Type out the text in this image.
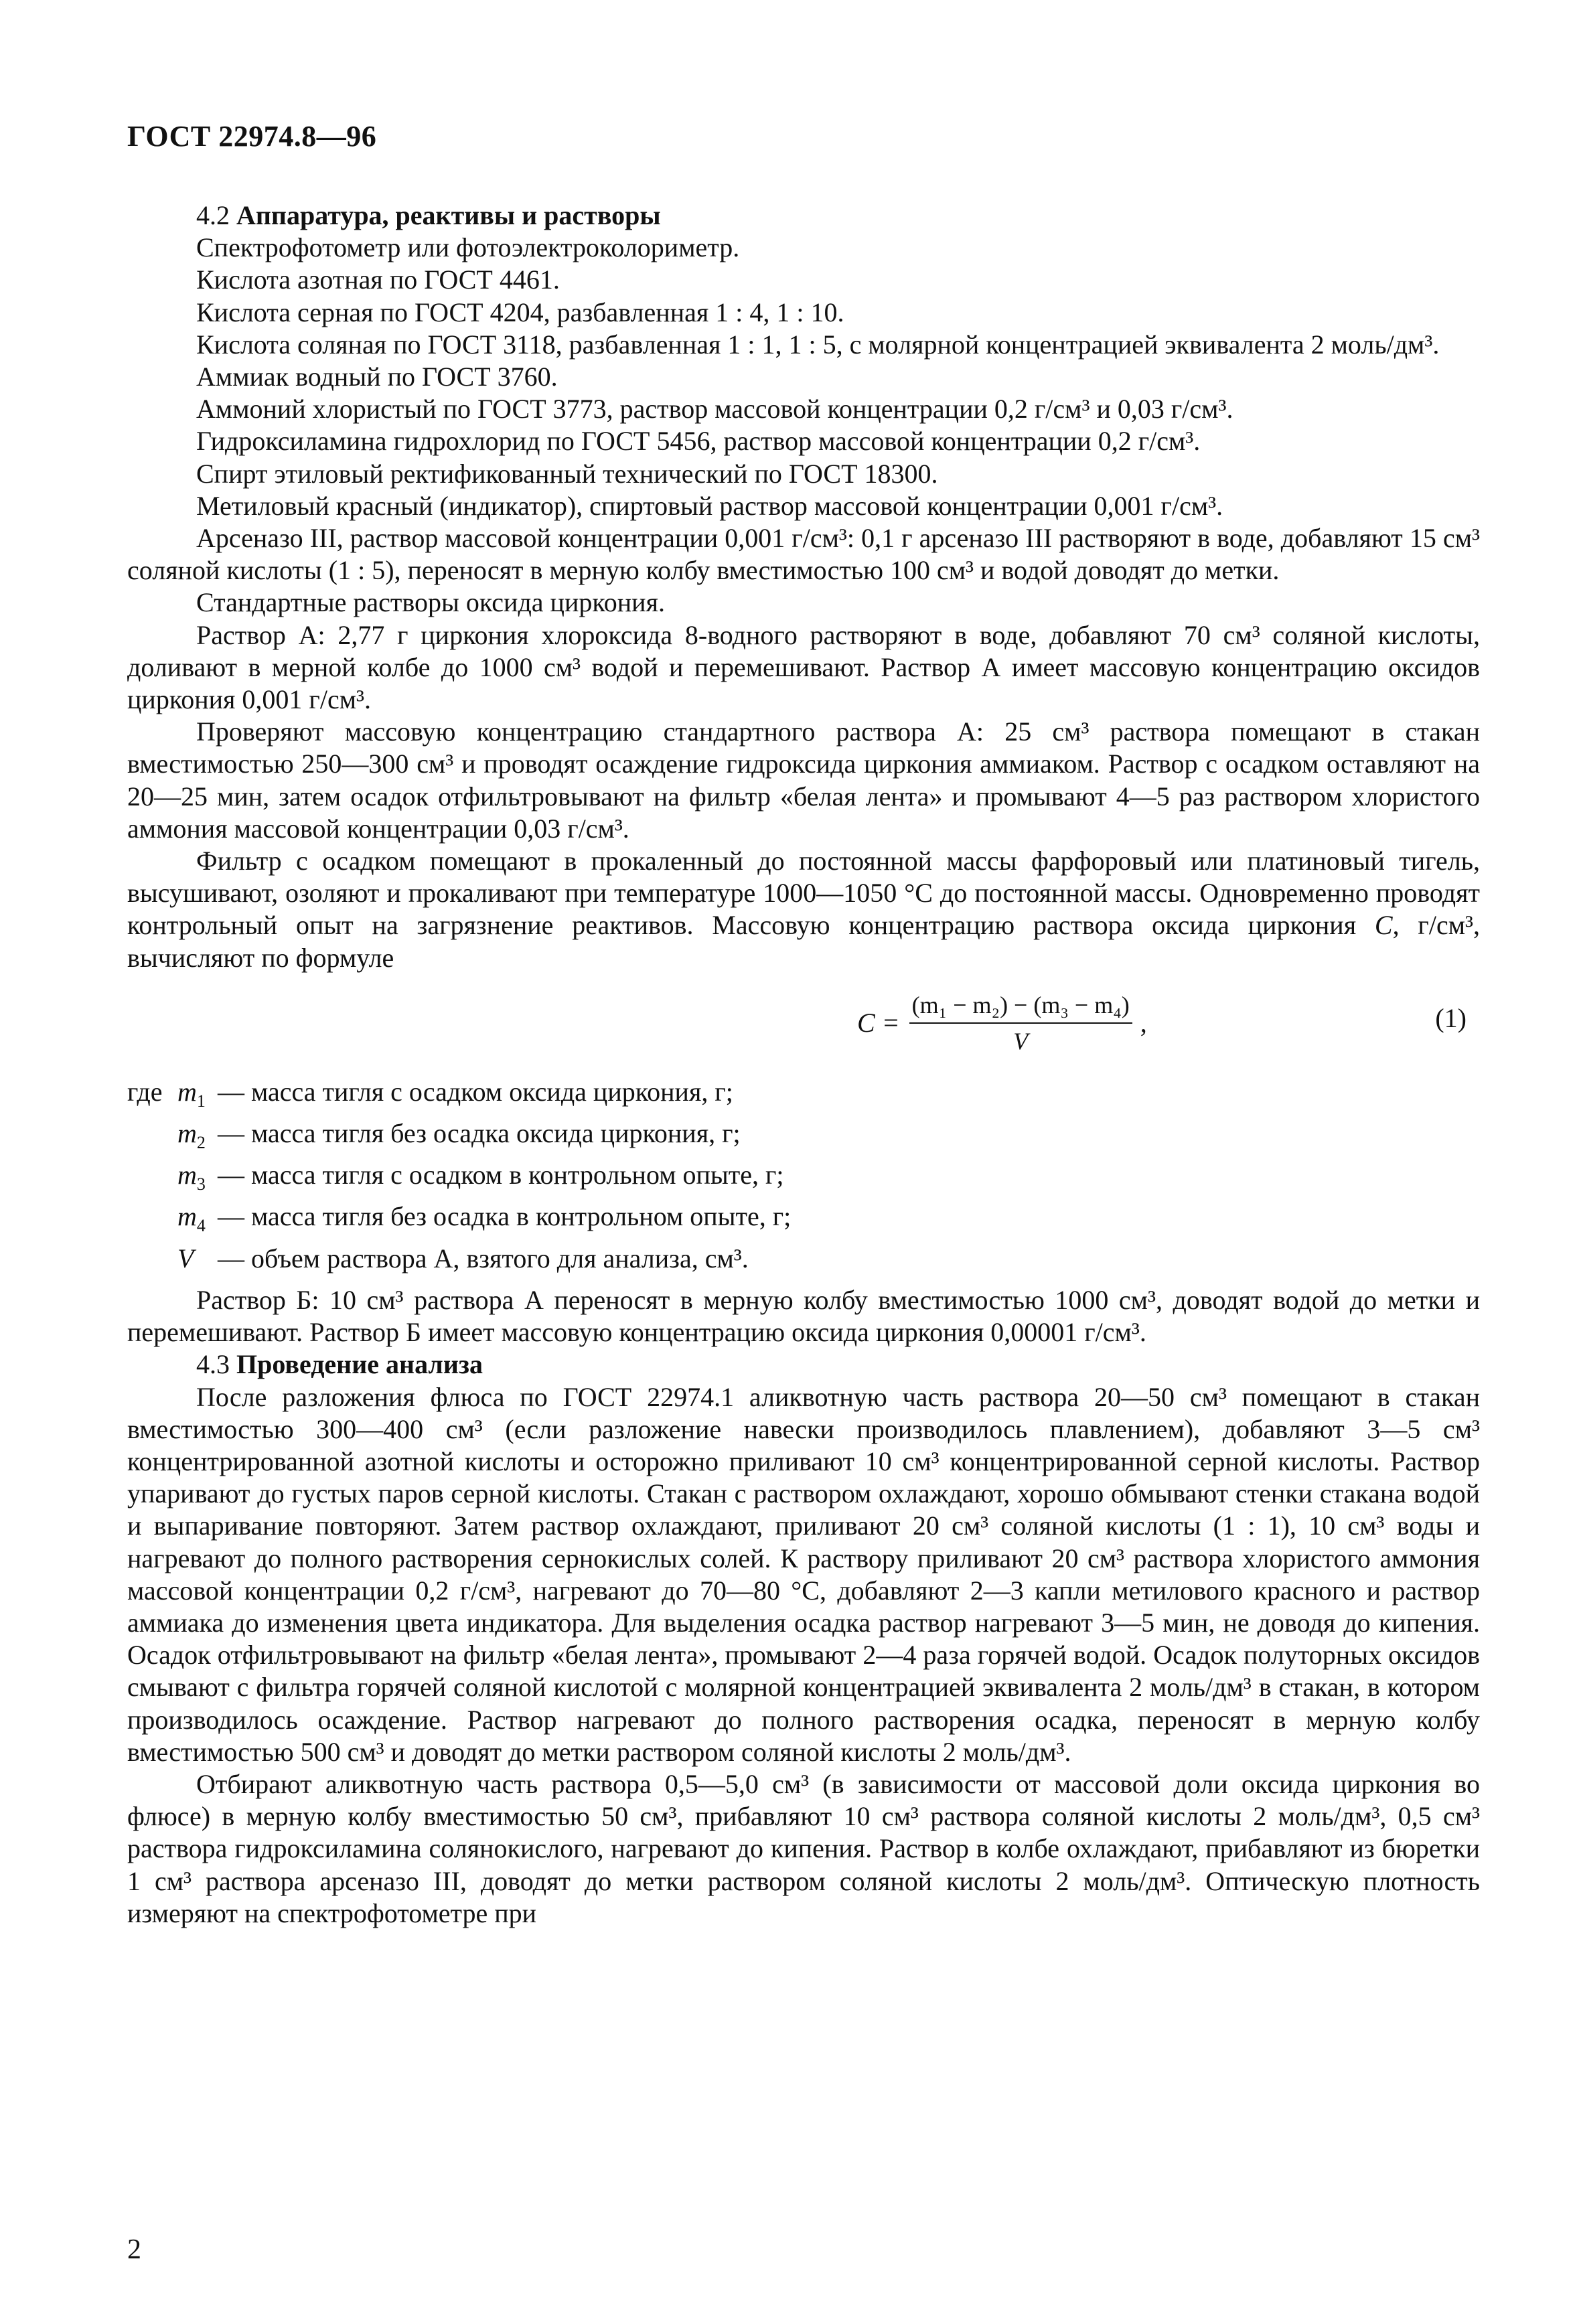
ГОСТ 22974.8—96

4.2 Аппаратура, реактивы и растворы

Спектрофотометр или фотоэлектроколориметр.

Кислота азотная по ГОСТ 4461.

Кислота серная по ГОСТ 4204, разбавленная 1 : 4, 1 : 10.

Кислота соляная по ГОСТ 3118, разбавленная 1 : 1, 1 : 5, с молярной концентрацией эквивалента 2 моль/дм³.

Аммиак водный по ГОСТ 3760.

Аммоний хлористый по ГОСТ 3773, раствор массовой концентрации 0,2 г/см³ и 0,03 г/см³.

Гидроксиламина гидрохлорид по ГОСТ 5456, раствор массовой концентрации 0,2 г/см³.

Спирт этиловый ректификованный технический по ГОСТ 18300.

Метиловый красный (индикатор), спиртовый раствор массовой концентрации 0,001 г/см³.

Арсеназо III, раствор массовой концентрации 0,001 г/см³: 0,1 г арсеназо III растворяют в воде, добавляют 15 см³ соляной кислоты (1 : 5), переносят в мерную колбу вместимостью 100 см³ и водой доводят до метки.

Стандартные растворы оксида циркония.

Раствор А: 2,77 г циркония хлороксида 8-водного растворяют в воде, добавляют 70 см³ соляной кислоты, доливают в мерной колбе до 1000 см³ водой и перемешивают. Раствор А имеет массовую концентрацию оксидов циркония 0,001 г/см³.

Проверяют массовую концентрацию стандартного раствора А: 25 см³ раствора помещают в стакан вместимостью 250—300 см³ и проводят осаждение гидроксида циркония аммиаком. Раствор с осадком оставляют на 20—25 мин, затем осадок отфильтровывают на фильтр «белая лента» и промывают 4—5 раз раствором хлористого аммония массовой концентрации 0,03 г/см³.

Фильтр с осадком помещают в прокаленный до постоянной массы фарфоровый или платиновый тигель, высушивают, озоляют и прокаливают при температуре 1000—1050 °С до постоянной массы. Одновременно проводят контрольный опыт на загрязнение реактивов. Массовую концентрацию раствора оксида циркония С, г/см³, вычисляют по формуле

$С = \frac{\text{(m₁ − m₂) − (m₃ − m₄)}}{V}$ ,	(1)
где $m_1$ — масса тигля с осадком оксида циркония, г;
$m_2$ — масса тигля без осадка оксида циркония, г;
$m_3$ — масса тигля с осадком в контрольном опыте, г;
$m_4$ — масса тигля без осадка в контрольном опыте, г;
V — объем раствора А, взятого для анализа, см³.

Раствор Б: 10 см³ раствора А переносят в мерную колбу вместимостью 1000 см³, доводят водой до метки и перемешивают. Раствор Б имеет массовую концентрацию оксида циркония 0,00001 г/см³.

4.3 Проведение анализа

После разложения флюса по ГОСТ 22974.1 аликвотную часть раствора 20—50 см³ помещают в стакан вместимостью 300—400 см³ (если разложение навески производилось плавлением), добавляют 3—5 см³ концентрированной азотной кислоты и осторожно приливают 10 см³ концентрированной серной кислоты. Раствор упаривают до густых паров серной кислоты. Стакан с раствором охлаждают, хорошо обмывают стенки стакана водой и выпаривание повторяют. Затем раствор охлаждают, приливают 20 см³ соляной кислоты (1 : 1), 10 см³ воды и нагревают до полного растворения сернокислых солей. К раствору приливают 20 см³ раствора хлористого аммония массовой концентрации 0,2 г/см³, нагревают до 70—80 °С, добавляют 2—3 капли метилового красного и раствор аммиака до изменения цвета индикатора. Для выделения осадка раствор нагревают 3—5 мин, не доводя до кипения. Осадок отфильтровывают на фильтр «белая лента», промывают 2—4 раза горячей водой. Осадок полуторных оксидов смывают с фильтра горячей соляной кислотой с молярной концентрацией эквивалента 2 моль/дм³ в стакан, в котором производилось осаждение. Раствор нагревают до полного растворения осадка, переносят в мерную колбу вместимостью 500 см³ и доводят до метки раствором соляной кислоты 2 моль/дм³.

Отбирают аликвотную часть раствора 0,5—5,0 см³ (в зависимости от массовой доли оксида циркония во флюсе) в мерную колбу вместимостью 50 см³, прибавляют 10 см³ раствора соляной кислоты 2 моль/дм³, 0,5 см³ раствора гидроксиламина солянокислого, нагревают до кипения. Раствор в колбе охлаждают, прибавляют из бюретки 1 см³ раствора арсеназо III, доводят до метки раствором соляной кислоты 2 моль/дм³. Оптическую плотность измеряют на спектрофотометре при

2
